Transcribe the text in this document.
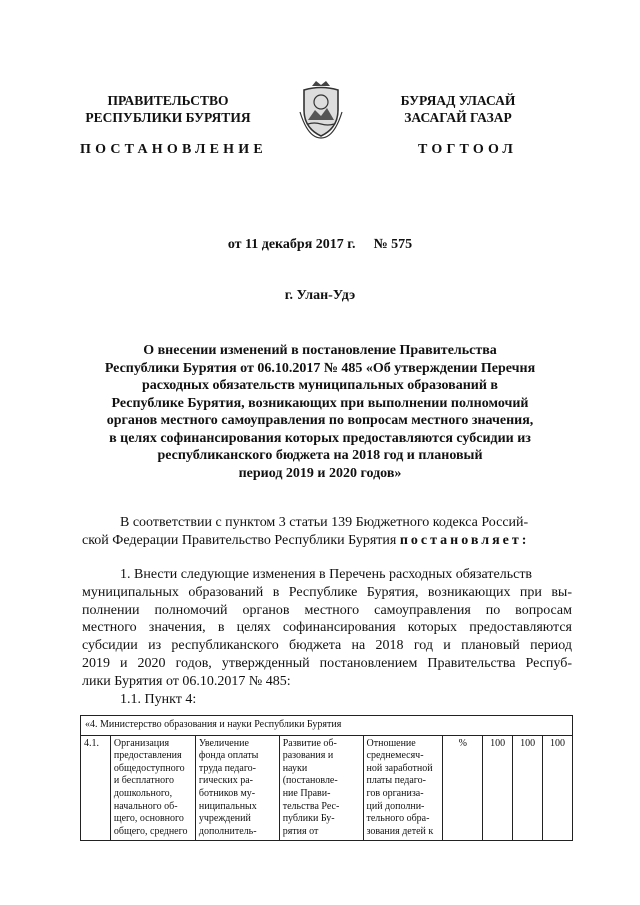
ПРАВИТЕЛЬСТВО
РЕСПУБЛИКИ БУРЯТИЯ
БУРЯАД УЛАСАЙ
ЗАСАГАЙ ГАЗАР
ПОСТАНОВЛЕНИЕ	ТОГТООЛ
от 11 декабря 2017 г. № 575
г. Улан-Удэ
О внесении изменений в постановление Правительства
Республики Бурятия от 06.10.2017 № 485 «Об утверждении Перечня
расходных обязательств муниципальных образований в
Республике Бурятия, возникающих при выполнении полномочий
органов местного самоуправления по вопросам местного значения,
в целях софинансирования которых предоставляются субсидии из
республиканского бюджета на 2018 год и плановый
период 2019 и 2020 годов»
В соответствии с пунктом 3 статьи 139 Бюджетного кодекса Россий-
ской Федерации Правительство Республики Бурятия постановляет:
1. Внести следующие изменения в Перечень расходных обязательств
муниципальных образований в Республике Бурятия, возникающих при вы-
полнении полномочий органов местного самоуправления по вопросам
местного значения, в целях софинансирования которых предоставляются
субсидии из республиканского бюджета на 2018 год и плановый период
2019 и 2020 годов, утвержденный постановлением Правительства Респуб-
лики Бурятия от 06.10.2017 № 485:
1.1. Пункт 4:
«4. Министерство образования и науки Республики Бурятия
4.1.	Организация
предоставления
общедоступного
и бесплатного
дошкольного,
начального об-
щего, основного
общего, среднего

Увеличение
фонда оплаты
труда педаго-
гических ра-
ботников му-
ниципальных
учреждений
дополнитель-

Развитие об-
разования и
науки
(постановле-
ние Прави-
тельства Рес-
публики Бу-
рятия от

Отношение
среднемесяч-
ной заработной
платы педаго-
гов организа-
ций дополни-
тельного обра-
зования детей к
	%	100	100	100
